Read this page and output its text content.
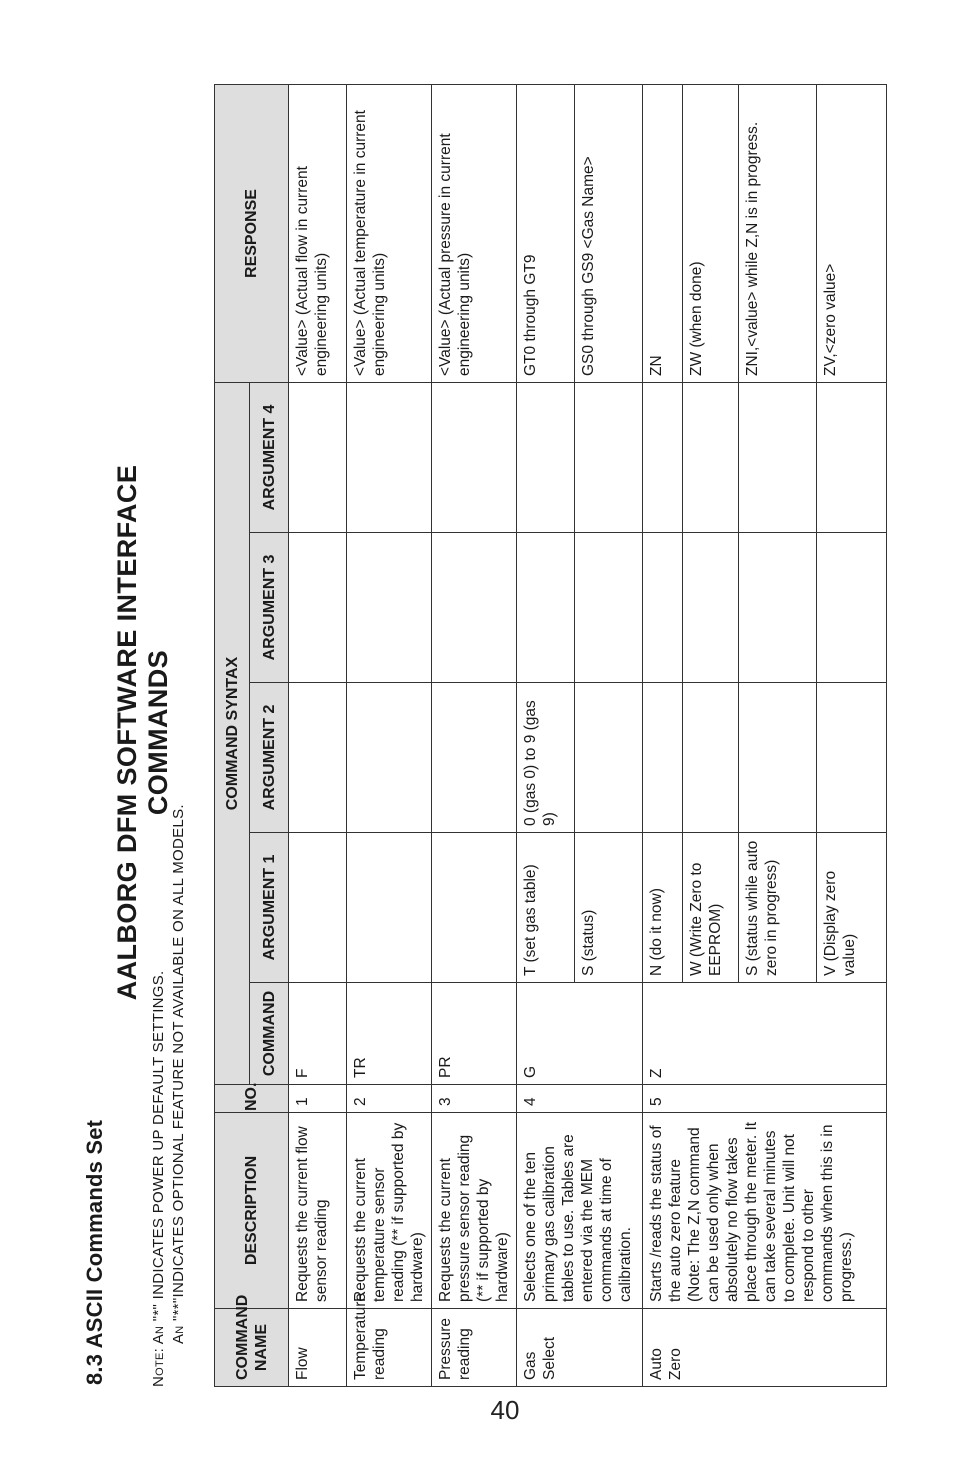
8.3 ASCII Commands Set
AALBORG DFM SOFTWARE INTERFACE COMMANDS
Note: An "*" INDICATES POWER UP DEFAULT SETTINGS.
An "**"INDICATES OPTIONAL FEATURE NOT AVAILABLE ON ALL MODELS.
COMMAND NAME	DESCRIPTION	NO.	COMMAND SYNTAX					RESPONSE
			COMMAND	ARGUMENT 1	ARGUMENT 2	ARGUMENT 3	ARGUMENT 4	
Flow	Requests the current flow sensor reading	1	F					<Value> (Actual flow in current engineering units)
Temperature reading	Requests the current temperature sensor reading (** if supported by hardware)	2	TR					<Value> (Actual temperature in current engineering units)
Pressure reading	Requests the current pressure sensor reading (** if supported by hardware)	3	PR					<Value> (Actual pressure in current engineering units)
Gas Select	Selects one of the ten primary gas calibration tables to use. Tables are entered via the MEM commands at time of calibration.	4	G	T (set gas table)	0 (gas 0) to 9 (gas 9)			GT0 through GT9
				S (status)				GS0 through GS9 <Gas Name>
Auto Zero	Starts /reads the status of the auto zero feature (Note: The Z,N command can be used only when absolutely no flow takes place through the meter. It can take several minutes to complete. Unit will not respond to other commands when this is in progress.)	5	Z	N (do it now)				ZN
				W (Write Zero to EEPROM)				ZW (when done)
				S (status while auto zero in progress)				ZNI,<value> while Z,N is in progress.
				V (Display zero value)				ZV,<zero value>
40
